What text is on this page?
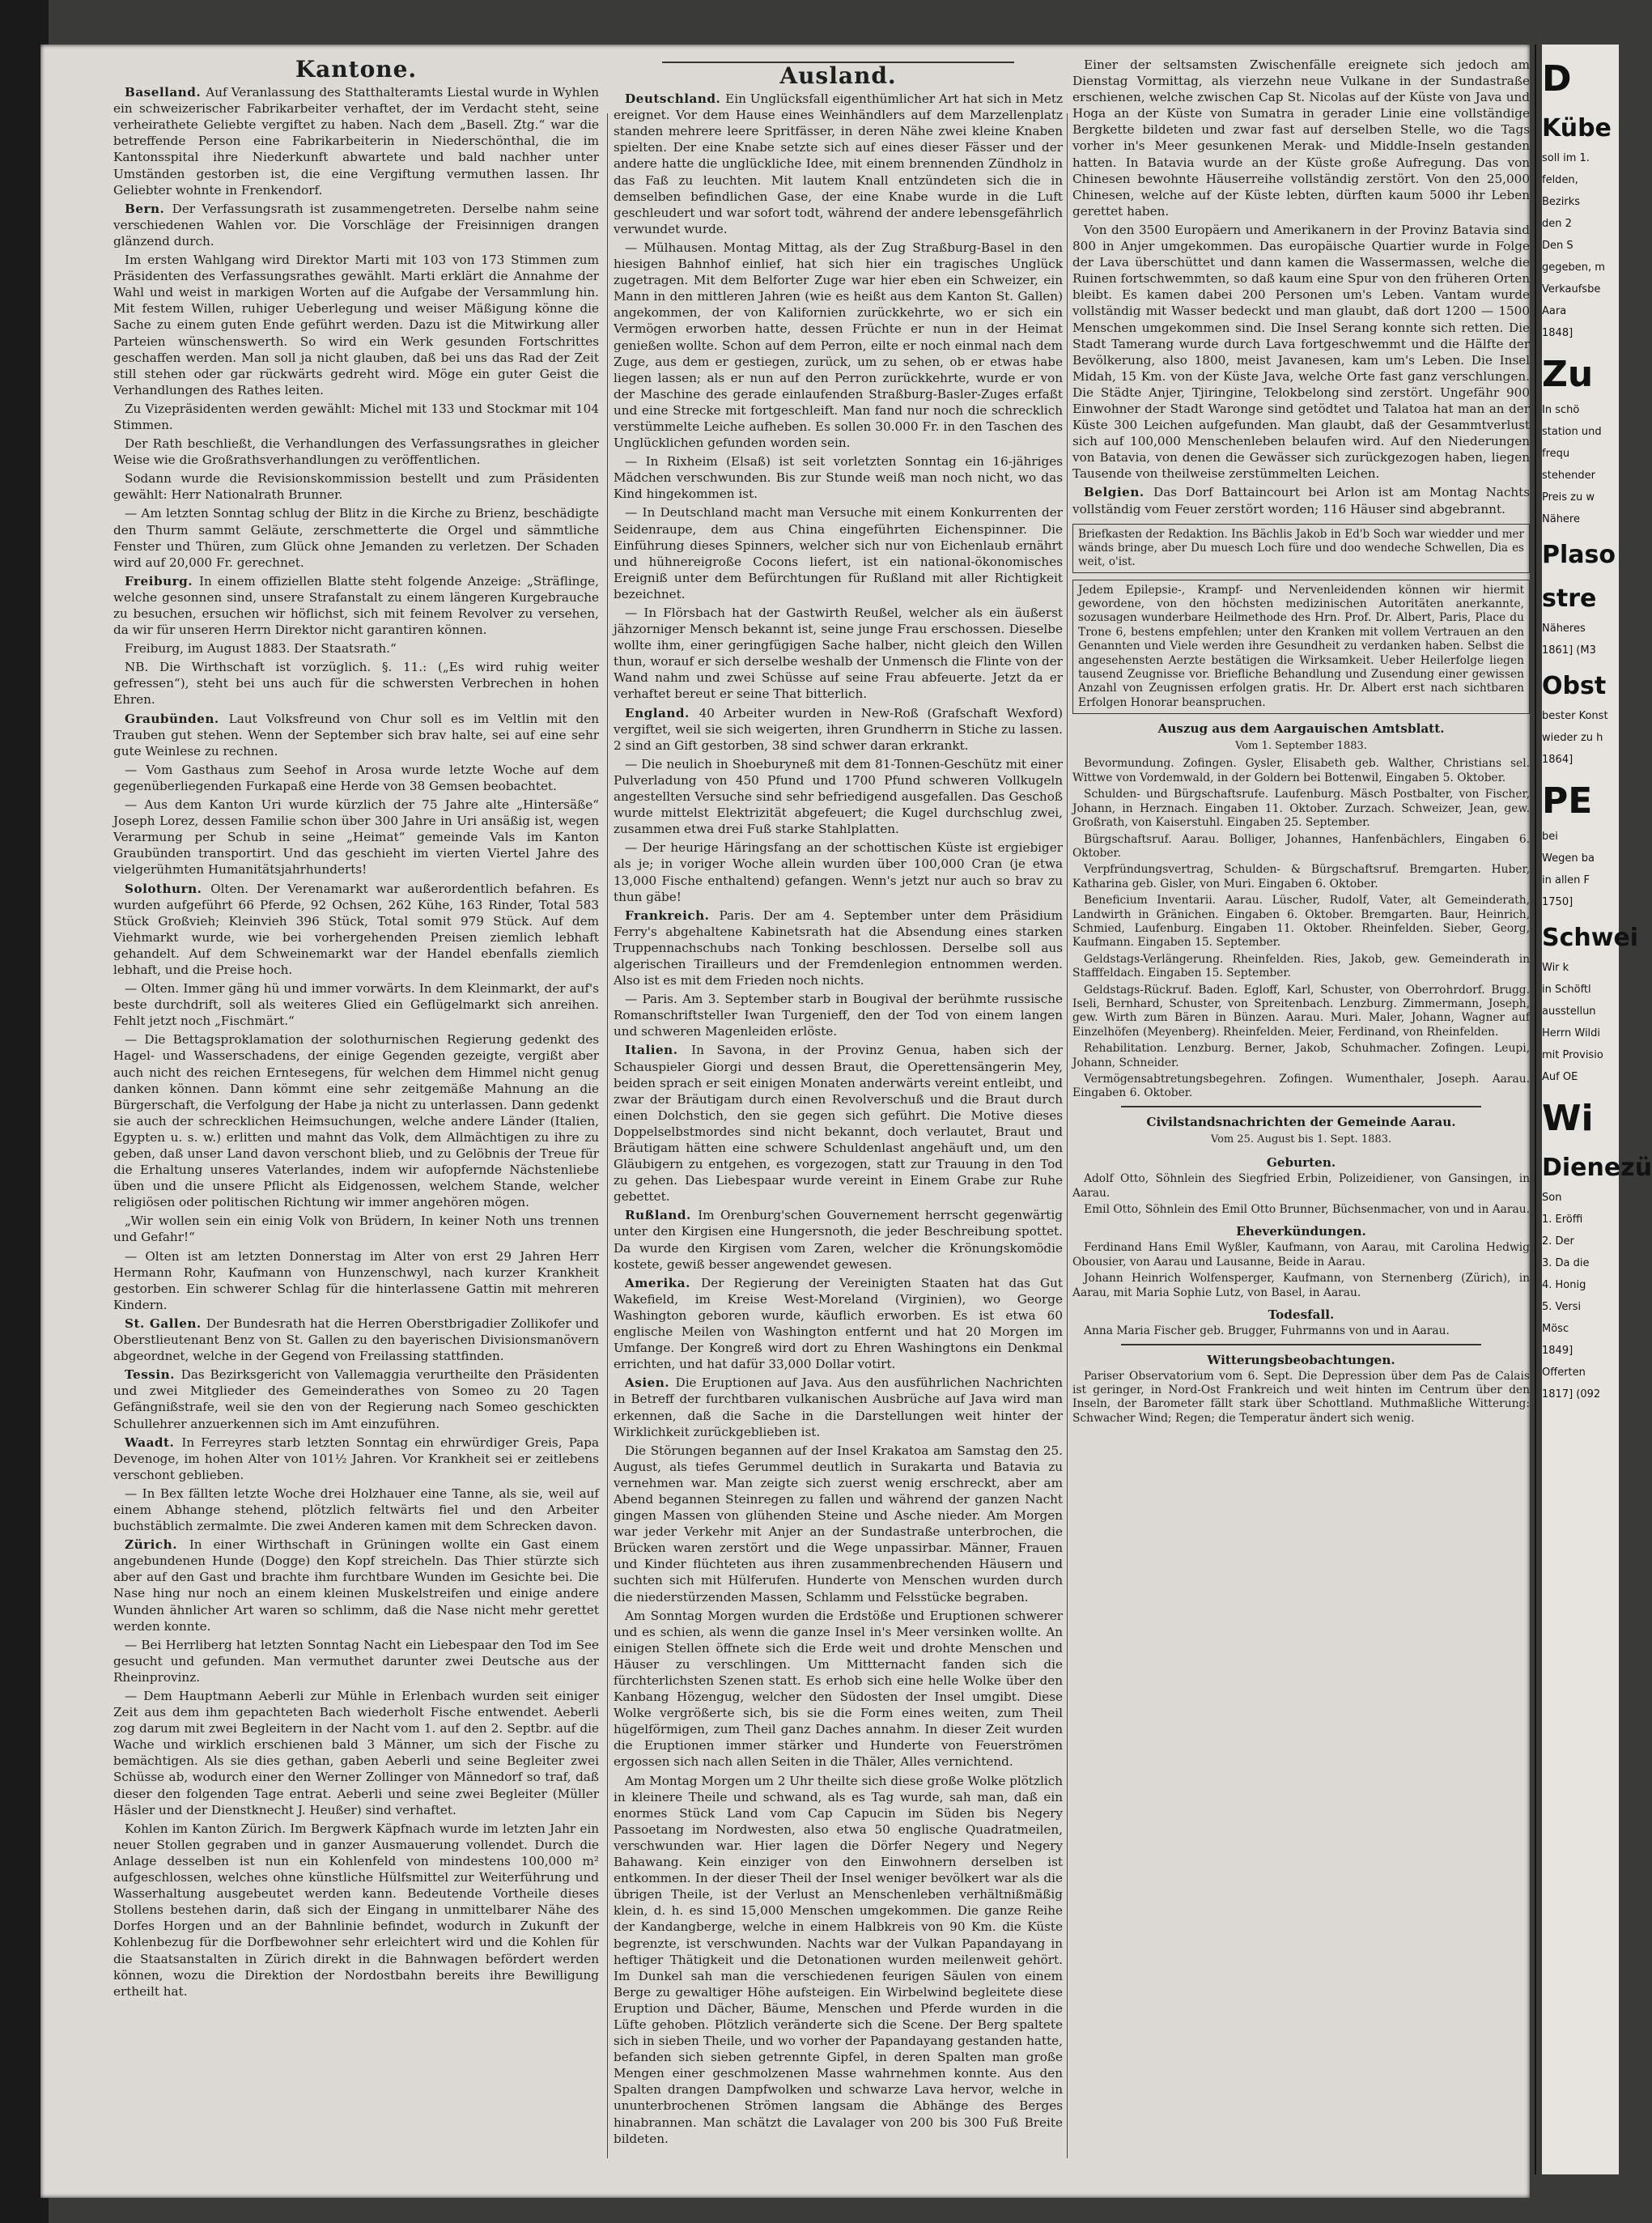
Kantone.

Baselland. Auf Veranlassung des Statthalteramts Liestal wurde in Wyhlen ein schweizerischer Fabrikarbeiter verhaftet, der im Verdacht steht, seine verheirathete Geliebte vergiftet zu haben. Nach dem „Basell. Ztg.“ war die betreffende Person eine Fabrikarbeiterin in Niederschönthal, die im Kantonsspital ihre Niederkunft abwartete und bald nachher unter Umständen gestorben ist, die eine Vergiftung vermuthen lassen. Ihr Geliebter wohnte in Frenkendorf.

Bern. Der Verfassungsrath ist zusammengetreten. Derselbe nahm seine verschiedenen Wahlen vor. Die Vorschläge der Freisinnigen drangen glänzend durch.

Im ersten Wahlgang wird Direktor Marti mit 103 von 173 Stimmen zum Präsidenten des Verfassungsrathes gewählt. Marti erklärt die Annahme der Wahl und weist in markigen Worten auf die Aufgabe der Versammlung hin. Mit festem Willen, ruhiger Ueberlegung und weiser Mäßigung könne die Sache zu einem guten Ende geführt werden. Dazu ist die Mitwirkung aller Parteien wünschenswerth. So wird ein Werk gesunden Fortschrittes geschaffen werden. Man soll ja nicht glauben, daß bei uns das Rad der Zeit still stehen oder gar rückwärts gedreht wird. Möge ein guter Geist die Verhandlungen des Rathes leiten.

Zu Vizepräsidenten werden gewählt: Michel mit 133 und Stockmar mit 104 Stimmen.

Der Rath beschließt, die Verhandlungen des Verfassungsrathes in gleicher Weise wie die Großrathsverhandlungen zu veröffentlichen.

Sodann wurde die Revisionskommission bestellt und zum Präsidenten gewählt: Herr Nationalrath Brunner.

— Am letzten Sonntag schlug der Blitz in die Kirche zu Brienz, beschädigte den Thurm sammt Geläute, zerschmetterte die Orgel und sämmtliche Fenster und Thüren, zum Glück ohne Jemanden zu verletzen. Der Schaden wird auf 20,000 Fr. gerechnet.

Freiburg. In einem offiziellen Blatte steht folgende Anzeige: „Sträflinge, welche gesonnen sind, unsere Strafanstalt zu einem längeren Kurgebrauche zu besuchen, ersuchen wir höflichst, sich mit feinem Revolver zu versehen, da wir für unseren Herrn Direktor nicht garantiren können.

Freiburg, im August 1883. Der Staatsrath.“

NB. Die Wirthschaft ist vorzüglich. §. 11.: („Es wird ruhig weiter gefressen“), steht bei uns auch für die schwersten Verbrechen in hohen Ehren.

Graubünden. Laut Volksfreund von Chur soll es im Veltlin mit den Trauben gut stehen. Wenn der September sich brav halte, sei auf eine sehr gute Weinlese zu rechnen.

— Vom Gasthaus zum Seehof in Arosa wurde letzte Woche auf dem gegenüberliegenden Furkapaß eine Herde von 38 Gemsen beobachtet.

— Aus dem Kanton Uri wurde kürzlich der 75 Jahre alte „Hintersäße“ Joseph Lorez, dessen Familie schon über 300 Jahre in Uri ansäßig ist, wegen Verarmung per Schub in seine „Heimat“ gemeinde Vals im Kanton Graubünden transportirt. Und das geschieht im vierten Viertel Jahre des vielgerühmten Humanitätsjahrhunderts!

Solothurn. Olten. Der Verenamarkt war außerordentlich befahren. Es wurden aufgeführt 66 Pferde, 92 Ochsen, 262 Kühe, 163 Rinder, Total 583 Stück Großvieh; Kleinvieh 396 Stück, Total somit 979 Stück. Auf dem Viehmarkt wurde, wie bei vorhergehenden Preisen ziemlich lebhaft gehandelt. Auf dem Schweinemarkt war der Handel ebenfalls ziemlich lebhaft, und die Preise hoch.

— Olten. Immer gäng hü und immer vorwärts. In dem Kleinmarkt, der auf's beste durchdrift, soll als weiteres Glied ein Geflügelmarkt sich anreihen. Fehlt jetzt noch „Fischmärt.“

— Die Bettagsproklamation der solothurnischen Regierung gedenkt des Hagel- und Wasserschadens, der einige Gegenden gezeigte, vergißt aber auch nicht des reichen Erntesegens, für welchen dem Himmel nicht genug danken können. Dann kömmt eine sehr zeitgemäße Mahnung an die Bürgerschaft, die Verfolgung der Habe ja nicht zu unterlassen. Dann gedenkt sie auch der schrecklichen Heimsuchungen, welche andere Länder (Italien, Egypten u. s. w.) erlitten und mahnt das Volk, dem Allmächtigen zu ihre zu geben, daß unser Land davon verschont blieb, und zu Gelöbnis der Treue für die Erhaltung unseres Vaterlandes, indem wir aufopfernde Nächstenliebe üben und die unsere Pflicht als Eidgenossen, welchem Stande, welcher religiösen oder politischen Richtung wir immer angehören mögen.

„Wir wollen sein ein einig Volk von Brüdern, In keiner Noth uns trennen und Gefahr!“

— Olten ist am letzten Donnerstag im Alter von erst 29 Jahren Herr Hermann Rohr, Kaufmann von Hunzenschwyl, nach kurzer Krankheit gestorben. Ein schwerer Schlag für die hinterlassene Gattin mit mehreren Kindern.

St. Gallen. Der Bundesrath hat die Herren Oberstbrigadier Zollikofer und Oberstlieutenant Benz von St. Gallen zu den bayerischen Divisionsmanövern abgeordnet, welche in der Gegend von Freilassing stattfinden.

Tessin. Das Bezirksgericht von Vallemaggia verurtheilte den Präsidenten und zwei Mitglieder des Gemeinderathes von Someo zu 20 Tagen Gefängnißstrafe, weil sie den von der Regierung nach Someo geschickten Schullehrer anzuerkennen sich im Amt einzuführen.

Waadt. In Ferreyres starb letzten Sonntag ein ehrwürdiger Greis, Papa Devenoge, im hohen Alter von 101½ Jahren. Vor Krankheit sei er zeitlebens verschont geblieben.

— In Bex fällten letzte Woche drei Holzhauer eine Tanne, als sie, weil auf einem Abhange stehend, plötzlich feltwärts fiel und den Arbeiter buchstäblich zermalmte. Die zwei Anderen kamen mit dem Schrecken davon.

Zürich. In einer Wirthschaft in Grüningen wollte ein Gast einem angebundenen Hunde (Dogge) den Kopf streicheln. Das Thier stürzte sich aber auf den Gast und brachte ihm furchtbare Wunden im Gesichte bei. Die Nase hing nur noch an einem kleinen Muskelstreifen und einige andere Wunden ähnlicher Art waren so schlimm, daß die Nase nicht mehr gerettet werden konnte.

— Bei Herrliberg hat letzten Sonntag Nacht ein Liebespaar den Tod im See gesucht und gefunden. Man vermuthet darunter zwei Deutsche aus der Rheinprovinz.

— Dem Hauptmann Aeberli zur Mühle in Erlenbach wurden seit einiger Zeit aus dem ihm gepachteten Bach wiederholt Fische entwendet. Aeberli zog darum mit zwei Begleitern in der Nacht vom 1. auf den 2. Septbr. auf die Wache und wirklich erschienen bald 3 Männer, um sich der Fische zu bemächtigen. Als sie dies gethan, gaben Aeberli und seine Begleiter zwei Schüsse ab, wodurch einer den Werner Zollinger von Männedorf so traf, daß dieser den folgenden Tage entrat. Aeberli und seine zwei Begleiter (Müller Häsler und der Dienstknecht J. Heußer) sind verhaftet.

Kohlen im Kanton Zürich. Im Bergwerk Käpfnach wurde im letzten Jahr ein neuer Stollen gegraben und in ganzer Ausmauerung vollendet. Durch die Anlage desselben ist nun ein Kohlenfeld von mindestens 100,000 m² aufgeschlossen, welches ohne künstliche Hülfsmittel zur Weiterführung und Wasserhaltung ausgebeutet werden kann. Bedeutende Vortheile dieses Stollens bestehen darin, daß sich der Eingang in unmittelbarer Nähe des Dorfes Horgen und an der Bahnlinie befindet, wodurch in Zukunft der Kohlenbezug für die Dorfbewohner sehr erleichtert wird und die Kohlen für die Staatsanstalten in Zürich direkt in die Bahnwagen befördert werden können, wozu die Direktion der Nordostbahn bereits ihre Bewilligung ertheilt hat.

Ausland.

Deutschland. Ein Unglücksfall eigenthümlicher Art hat sich in Metz ereignet. Vor dem Hause eines Weinhändlers auf dem Marzellenplatz standen mehrere leere Spritfässer, in deren Nähe zwei kleine Knaben spielten. Der eine Knabe setzte sich auf eines dieser Fässer und der andere hatte die unglückliche Idee, mit einem brennenden Zündholz in das Faß zu leuchten. Mit lautem Knall entzündeten sich die in demselben befindlichen Gase, der eine Knabe wurde in die Luft geschleudert und war sofort todt, während der andere lebensgefährlich verwundet wurde.

— Mülhausen. Montag Mittag, als der Zug Straßburg-Basel in den hiesigen Bahnhof einlief, hat sich hier ein tragisches Unglück zugetragen. Mit dem Belforter Zuge war hier eben ein Schweizer, ein Mann in den mittleren Jahren (wie es heißt aus dem Kanton St. Gallen) angekommen, der von Kalifornien zurückkehrte, wo er sich ein Vermögen erworben hatte, dessen Früchte er nun in der Heimat genießen wollte. Schon auf dem Perron, eilte er noch einmal nach dem Zuge, aus dem er gestiegen, zurück, um zu sehen, ob er etwas habe liegen lassen; als er nun auf den Perron zurückkehrte, wurde er von der Maschine des gerade einlaufenden Straßburg-Basler-Zuges erfaßt und eine Strecke mit fortgeschleift. Man fand nur noch die schrecklich verstümmelte Leiche aufheben. Es sollen 30.000 Fr. in den Taschen des Unglücklichen gefunden worden sein.

— In Rixheim (Elsaß) ist seit vorletzten Sonntag ein 16-jähriges Mädchen verschwunden. Bis zur Stunde weiß man noch nicht, wo das Kind hingekommen ist.

— In Deutschland macht man Versuche mit einem Konkurrenten der Seidenraupe, dem aus China eingeführten Eichenspinner. Die Einführung dieses Spinners, welcher sich nur von Eichenlaub ernährt und hühnereigroße Cocons liefert, ist ein national-ökonomisches Ereigniß unter dem Befürchtungen für Rußland mit aller Richtigkeit bezeichnet.

— In Flörsbach hat der Gastwirth Reußel, welcher als ein äußerst jähzorniger Mensch bekannt ist, seine junge Frau erschossen. Dieselbe wollte ihm, einer geringfügigen Sache halber, nicht gleich den Willen thun, worauf er sich derselbe weshalb der Unmensch die Flinte von der Wand nahm und zwei Schüsse auf seine Frau abfeuerte. Jetzt da er verhaftet bereut er seine That bitterlich.

England. 40 Arbeiter wurden in New-Roß (Grafschaft Wexford) vergiftet, weil sie sich weigerten, ihren Grundherrn in Stiche zu lassen. 2 sind an Gift gestorben, 38 sind schwer daran erkrankt.

— Die neulich in Shoeburyneß mit dem 81-Tonnen-Geschütz mit einer Pulverladung von 450 Pfund und 1700 Pfund schweren Vollkugeln angestellten Versuche sind sehr befriedigend ausgefallen. Das Geschoß wurde mittelst Elektrizität abgefeuert; die Kugel durchschlug zwei, zusammen etwa drei Fuß starke Stahlplatten.

— Der heurige Häringsfang an der schottischen Küste ist ergiebiger als je; in voriger Woche allein wurden über 100,000 Cran (je etwa 13,000 Fische enthaltend) gefangen. Wenn's jetzt nur auch so brav zu thun gäbe!

Frankreich. Paris. Der am 4. September unter dem Präsidium Ferry's abgehaltene Kabinetsrath hat die Absendung eines starken Truppennachschubs nach Tonking beschlossen. Derselbe soll aus algerischen Tirailleurs und der Fremdenlegion entnommen werden. Also ist es mit dem Frieden noch nichts.

— Paris. Am 3. September starb in Bougival der berühmte russische Romanschriftsteller Iwan Turgenieff, den der Tod von einem langen und schweren Magenleiden erlöste.

Italien. In Savona, in der Provinz Genua, haben sich der Schauspieler Giorgi und dessen Braut, die Operettensängerin Mey, beiden sprach er seit einigen Monaten anderwärts vereint entleibt, und zwar der Bräutigam durch einen Revolverschuß und die Braut durch einen Dolchstich, den sie gegen sich geführt. Die Motive dieses Doppelselbstmordes sind nicht bekannt, doch verlautet, Braut und Bräutigam hätten eine schwere Schuldenlast angehäuft und, um den Gläubigern zu entgehen, es vorgezogen, statt zur Trauung in den Tod zu gehen. Das Liebespaar wurde vereint in Einem Grabe zur Ruhe gebettet.

Rußland. Im Orenburg'schen Gouvernement herrscht gegenwärtig unter den Kirgisen eine Hungersnoth, die jeder Beschreibung spottet. Da wurde den Kirgisen vom Zaren, welcher die Krönungskomödie kostete, gewiß besser angewendet gewesen.

Amerika. Der Regierung der Vereinigten Staaten hat das Gut Wakefield, im Kreise West-Moreland (Virginien), wo George Washington geboren wurde, käuflich erworben. Es ist etwa 60 englische Meilen von Washington entfernt und hat 20 Morgen im Umfange. Der Kongreß wird dort zu Ehren Washingtons ein Denkmal errichten, und hat dafür 33,000 Dollar votirt.

Asien. Die Eruptionen auf Java. Aus den ausführlichen Nachrichten in Betreff der furchtbaren vulkanischen Ausbrüche auf Java wird man erkennen, daß die Sache in die Darstellungen weit hinter der Wirklichkeit zurückgeblieben ist.

Die Störungen begannen auf der Insel Krakatoa am Samstag den 25. August, als tiefes Gerummel deutlich in Surakarta und Batavia zu vernehmen war. Man zeigte sich zuerst wenig erschreckt, aber am Abend begannen Steinregen zu fallen und während der ganzen Nacht gingen Massen von glühenden Steine und Asche nieder. Am Morgen war jeder Verkehr mit Anjer an der Sundastraße unterbrochen, die Brücken waren zerstört und die Wege unpassirbar. Männer, Frauen und Kinder flüchteten aus ihren zusammenbrechenden Häusern und suchten sich mit Hülferufen. Hunderte von Menschen wurden durch die niederstürzenden Massen, Schlamm und Felsstücke begraben.

Am Sonntag Morgen wurden die Erdstöße und Eruptionen schwerer und es schien, als wenn die ganze Insel in's Meer versinken wollte. An einigen Stellen öffnete sich die Erde weit und drohte Menschen und Häuser zu verschlingen. Um Mittternacht fanden sich die fürchterlichsten Szenen statt. Es erhob sich eine helle Wolke über den Kanbang Hözengug, welcher den Südosten der Insel umgibt. Diese Wolke vergrößerte sich, bis sie die Form eines weiten, zum Theil hügelförmigen, zum Theil ganz Daches annahm. In dieser Zeit wurden die Eruptionen immer stärker und Hunderte von Feuerströmen ergossen sich nach allen Seiten in die Thäler, Alles vernichtend.

Am Montag Morgen um 2 Uhr theilte sich diese große Wolke plötzlich in kleinere Theile und schwand, als es Tag wurde, sah man, daß ein enormes Stück Land vom Cap Capucin im Süden bis Negery Passoetang im Nordwesten, also etwa 50 englische Quadratmeilen, verschwunden war. Hier lagen die Dörfer Negery und Negery Bahawang. Kein einziger von den Einwohnern derselben ist entkommen. In der dieser Theil der Insel weniger bevölkert war als die übrigen Theile, ist der Verlust an Menschenleben verhältnißmäßig klein, d. h. es sind 15,000 Menschen umgekommen. Die ganze Reihe der Kandangberge, welche in einem Halbkreis von 90 Km. die Küste begrenzte, ist verschwunden. Nachts war der Vulkan Papandayang in heftiger Thätigkeit und die Detonationen wurden meilenweit gehört. Im Dunkel sah man die verschiedenen feurigen Säulen von einem Berge zu gewaltiger Höhe aufsteigen. Ein Wirbelwind begleitete diese Eruption und Dächer, Bäume, Menschen und Pferde wurden in die Lüfte gehoben. Plötzlich veränderte sich die Scene. Der Berg spaltete sich in sieben Theile, und wo vorher der Papandayang gestanden hatte, befanden sich sieben getrennte Gipfel, in deren Spalten man große Mengen einer geschmolzenen Masse wahrnehmen konnte. Aus den Spalten drangen Dampfwolken und schwarze Lava hervor, welche in ununterbrochenen Strömen langsam die Abhänge des Berges hinabrannen. Man schätzt die Lavalager von 200 bis 300 Fuß Breite bildeten.

Einer der seltsamsten Zwischenfälle ereignete sich jedoch am Dienstag Vormittag, als vierzehn neue Vulkane in der Sundastraße erschienen, welche zwischen Cap St. Nicolas auf der Küste von Java und Hoga an der Küste von Sumatra in gerader Linie eine vollständige Bergkette bildeten und zwar fast auf derselben Stelle, wo die Tags vorher in's Meer gesunkenen Merak- und Middle-Inseln gestanden hatten. In Batavia wurde an der Küste große Aufregung. Das von Chinesen bewohnte Häuserreihe vollständig zerstört. Von den 25,000 Chinesen, welche auf der Küste lebten, dürften kaum 5000 ihr Leben gerettet haben.

Von den 3500 Europäern und Amerikanern in der Provinz Batavia sind 800 in Anjer umgekommen. Das europäische Quartier wurde in Folge der Lava überschüttet und dann kamen die Wassermassen, welche die Ruinen fortschwemmten, so daß kaum eine Spur von den früheren Orten bleibt. Es kamen dabei 200 Personen um's Leben. Vantam wurde vollständig mit Wasser bedeckt und man glaubt, daß dort 1200 — 1500 Menschen umgekommen sind. Die Insel Serang konnte sich retten. Die Stadt Tamerang wurde durch Lava fortgeschwemmt und die Hälfte der Bevölkerung, also 1800, meist Javanesen, kam um's Leben. Die Insel Midah, 15 Km. von der Küste Java, welche Orte fast ganz verschlungen. Die Städte Anjer, Tjiringine, Telokbelong sind zerstört. Ungefähr 900 Einwohner der Stadt Waronge sind getödtet und Talatoa hat man an der Küste 300 Leichen aufgefunden. Man glaubt, daß der Gesammtverlust sich auf 100,000 Menschenleben belaufen wird. Auf den Niederungen von Batavia, von denen die Gewässer sich zurückgezogen haben, liegen Tausende von theilweise zerstümmelten Leichen.

Belgien. Das Dorf Battaincourt bei Arlon ist am Montag Nachts vollständig vom Feuer zerstört worden; 116 Häuser sind abgebrannt.

Briefkasten der Redaktion. Ins Bächlis Jakob in Ed'b Soch war wiedder und mer wänds bringe, aber Du muesch Loch füre und doo wendeche Schwellen, Dia es weit, o'ist.

Jedem Epilepsie-, Krampf- und Nervenleidenden können wir hiermit gewordene, von den höchsten medizinischen Autoritäten anerkannte, sozusagen wunderbare Heilmethode des Hrn. Prof. Dr. Albert, Paris, Place du Trone 6, bestens empfehlen; unter den Kranken mit vollem Vertrauen an den Genannten und Viele werden ihre Gesundheit zu verdanken haben. Selbst die angesehensten Aerzte bestätigen die Wirksamkeit. Ueber Heilerfolge liegen tausend Zeugnisse vor. Briefliche Behandlung und Zusendung einer gewissen Anzahl von Zeugnissen erfolgen gratis. Hr. Dr. Albert erst nach sichtbaren Erfolgen Honorar beanspruchen.

Auszug aus dem Aargauischen Amtsblatt.

Vom 1. September 1883.

Bevormundung. Zofingen. Gysler, Elisabeth geb. Walther, Christians sel. Wittwe von Vordemwald, in der Goldern bei Bottenwil, Eingaben 5. Oktober.

Schulden- und Bürgschaftsrufe. Laufenburg. Mäsch Postbalter, von Fischer, Johann, in Herznach. Eingaben 11. Oktober. Zurzach. Schweizer, Jean, gew. Großrath, von Kaiserstuhl. Eingaben 25. September.

Bürgschaftsruf. Aarau. Bolliger, Johannes, Hanfenbächlers, Eingaben 6. Oktober.

Verpfründungsvertrag, Schulden- & Bürgschaftsruf. Bremgarten. Huber, Katharina geb. Gisler, von Muri. Eingaben 6. Oktober.

Beneficium Inventarii. Aarau. Lüscher, Rudolf, Vater, alt Gemeinderath, Landwirth in Gränichen. Eingaben 6. Oktober. Bremgarten. Baur, Heinrich, Schmied, Laufenburg. Eingaben 11. Oktober. Rheinfelden. Sieber, Georg, Kaufmann. Eingaben 15. September.

Geldstags-Verlängerung. Rheinfelden. Ries, Jakob, gew. Gemeinderath in Stafffeldach. Eingaben 15. September.

Geldstags-Rückruf. Baden. Egloff, Karl, Schuster, von Oberrohrdorf. Brugg. Iseli, Bernhard, Schuster, von Spreitenbach. Lenzburg. Zimmermann, Joseph, gew. Wirth zum Bären in Bünzen. Aarau. Muri. Maler, Johann, Wagner auf Einzelhöfen (Meyenberg). Rheinfelden. Meier, Ferdinand, von Rheinfelden.

Rehabilitation. Lenzburg. Berner, Jakob, Schuhmacher. Zofingen. Leupi, Johann, Schneider.

Vermögensabtretungsbegehren. Zofingen. Wumenthaler, Joseph. Aarau. Eingaben 6. Oktober.

Civilstandsnachrichten der Gemeinde Aarau.

Vom 25. August bis 1. Sept. 1883.

Geburten.

Adolf Otto, Söhnlein des Siegfried Erbin, Polizeidiener, von Gansingen, in Aarau.

Emil Otto, Söhnlein des Emil Otto Brunner, Büchsenmacher, von und in Aarau.

Eheverkündungen.

Ferdinand Hans Emil Wyßler, Kaufmann, von Aarau, mit Carolina Hedwig Obousier, von Aarau und Lausanne, Beide in Aarau.

Johann Heinrich Wolfensperger, Kaufmann, von Sternenberg (Zürich), in Aarau, mit Maria Sophie Lutz, von Basel, in Aarau.

Todesfall.

Anna Maria Fischer geb. Brugger, Fuhrmanns von und in Aarau.

Witterungsbeobachtungen.

Pariser Observatorium vom 6. Sept. Die Depression über dem Pas de Calais ist geringer, in Nord-Ost Frankreich und weit hinten im Centrum über den Inseln, der Barometer fällt stark über Schottland. Muthmaßliche Witterung: Schwacher Wind; Regen; die Temperatur ändert sich wenig.

D
Kübe
soll im 1.
felden,
Bezirks
den 2
Den S
gegeben, m
Verkaufsbe
Aara
1848]
Zu
In schö
station und
frequ
stehender
Preis zu w
Nähere
Plaso
stre
Näheres
1861] (M3
Obst
bester Konst
wieder zu h
1864]
PE
bei
Wegen ba
in allen F
1750]
Schwei
Wir k
in Schöftl
ausstellun
Herrn Wildi
mit Provisio
Auf OE
Wi
Dienezü
Son
1. Eröffi
2. Der
3. Da die
4. Honig
5. Versi
Mösc
1849]
Offerten
1817] (092
